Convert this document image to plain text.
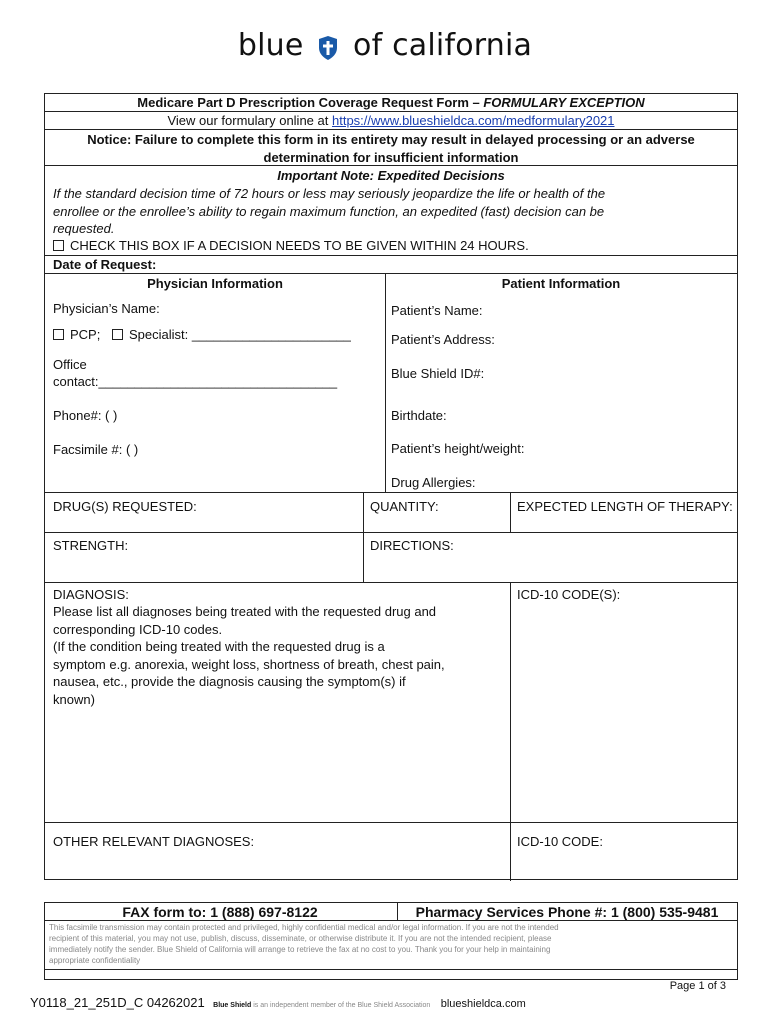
blue of california
Medicare Part D Prescription Coverage Request Form – FORMULARY EXCEPTION
View our formulary online at https://www.blueshieldca.com/medformulary2021
Notice: Failure to complete this form in its entirety may result in delayed processing or an adverse
determination for insufficient information
Important Note: Expedited Decisions
If the standard decision time of 72 hours or less may seriously jeopardize the life or health of the
enrollee or the enrollee’s ability to regain maximum function, an expedited (fast) decision can be
requested.
CHECK THIS BOX IF A DECISION NEEDS TO BE GIVEN WITHIN 24 HOURS.
Date of Request:
Physician Information	Patient Information
Physician’s Name:
PCP; Specialist: ______________________
Office
contact:_________________________________
Phone#: ( )
Facsimile #: ( )
Patient’s Name:
Patient’s Address:
Blue Shield ID#:
Birthdate:
Patient’s height/weight:
Drug Allergies:
DRUG(S) REQUESTED:	QUANTITY:	EXPECTED LENGTH OF THERAPY:
STRENGTH:	DIRECTIONS:
DIAGNOSIS:
Please list all diagnoses being treated with the requested drug and
corresponding ICD-10 codes.
(If the condition being treated with the requested drug is a
symptom e.g. anorexia, weight loss, shortness of breath, chest pain,
nausea, etc., provide the diagnosis causing the symptom(s) if
known)
ICD-10 CODE(S):
OTHER RELEVANT DIAGNOSES:	ICD-10 CODE:
FAX form to: 1 (888) 697-8122	Pharmacy Services Phone #: 1 (800) 535-9481
This facsimile transmission may contain protected and privileged, highly confidential medical and/or legal information. If you are not the intended
recipient of this material, you may not use, publish, discuss, disseminate, or otherwise distribute it. If you are not the intended recipient, please
immediately notify the sender. Blue Shield of California will arrange to retrieve the fax at no cost to you. Thank you for your help in maintaining
appropriate confidentiality
Page 1 of 3
Y0118_21_251D_C 04262021 Blue Shield is an independent member of the Blue Shield Association blueshieldca.com
